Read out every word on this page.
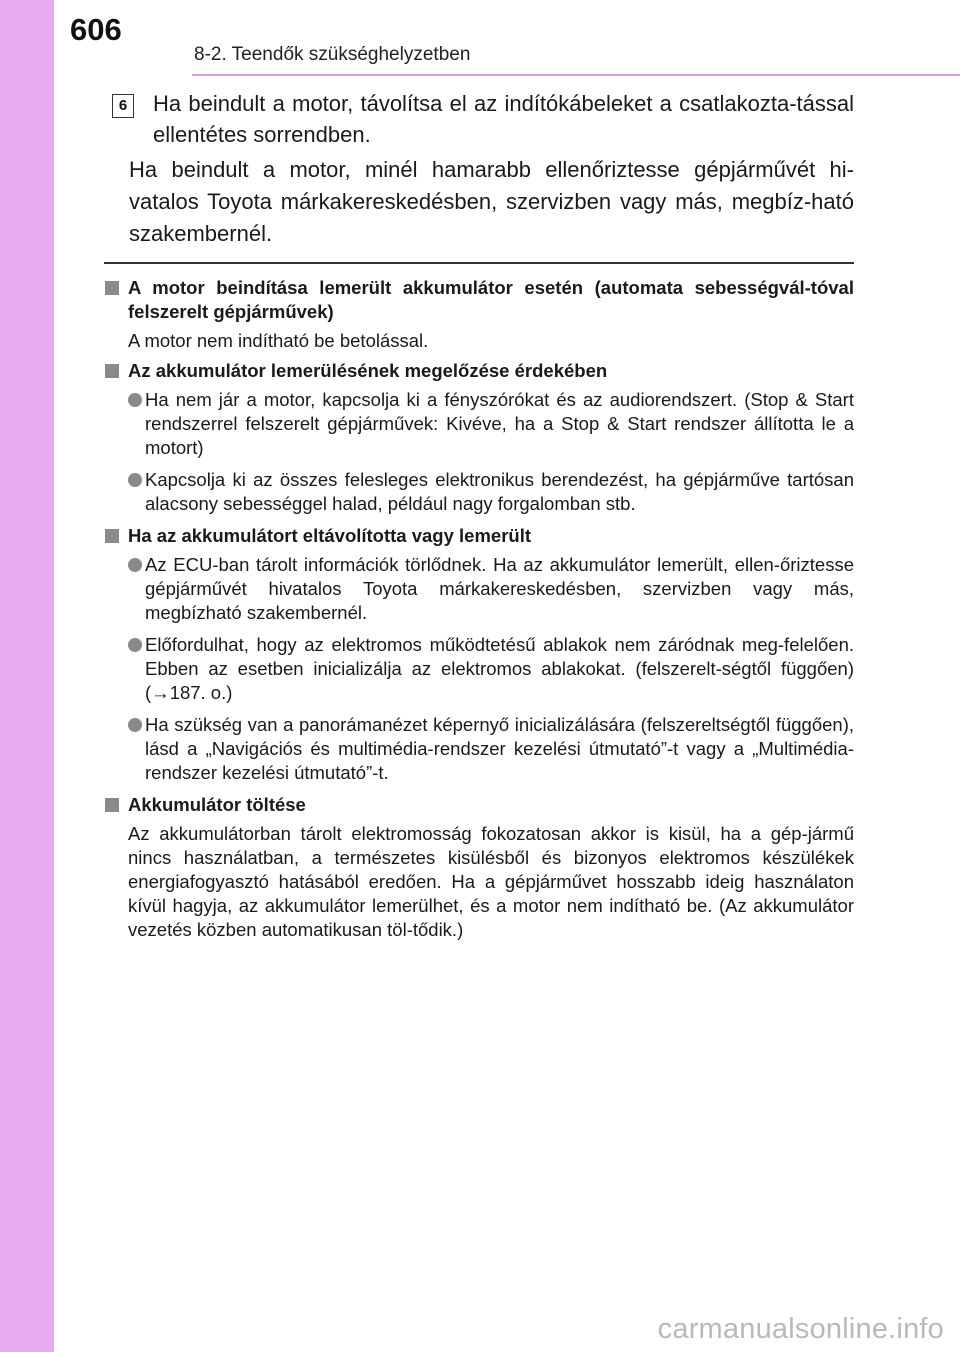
606
8-2. Teendők szükséghelyzetben
6	Ha beindult a motor, távolítsa el az indítókábeleket a csatlakozta-tással ellentétes sorrendben.
Ha beindult a motor, minél hamarabb ellenőriztesse gépjárművét hi-vatalos Toyota márkakereskedésben, szervizben vagy más, megbíz-ható szakembernél.
A motor beindítása lemerült akkumulátor esetén (automata sebességvál-tóval felszerelt gépjárművek)
A motor nem indítható be betolással.
Az akkumulátor lemerülésének megelőzése érdekében
Ha nem jár a motor, kapcsolja ki a fényszórókat és az audiorendszert. (Stop & Start rendszerrel felszerelt gépjárművek: Kivéve, ha a Stop & Start rendszer állította le a motort)
Kapcsolja ki az összes felesleges elektronikus berendezést, ha gépjárműve tartósan alacsony sebességgel halad, például nagy forgalomban stb.
Ha az akkumulátort eltávolította vagy lemerült
Az ECU-ban tárolt információk törlődnek. Ha az akkumulátor lemerült, ellen-őriztesse gépjárművét hivatalos Toyota márkakereskedésben, szervizben vagy más, megbízható szakembernél.
Előfordulhat, hogy az elektromos működtetésű ablakok nem záródnak meg-felelően. Ebben az esetben inicializálja az elektromos ablakokat. (felszerelt-ségtől függően) (→187. o.)
Ha szükség van a panorámanézet képernyő inicializálására (felszereltségtől függően), lásd a „Navigációs és multimédia-rendszer kezelési útmutató”-t vagy a „Multimédia-rendszer kezelési útmutató”-t.
Akkumulátor töltése
Az akkumulátorban tárolt elektromosság fokozatosan akkor is kisül, ha a gép-jármű nincs használatban, a természetes kisülésből és bizonyos elektromos készülékek energiafogyasztó hatásából eredően. Ha a gépjárművet hosszabb ideig használaton kívül hagyja, az akkumulátor lemerülhet, és a motor nem indítható be. (Az akkumulátor vezetés közben automatikusan töl-tődik.)
carmanualsonline.info
